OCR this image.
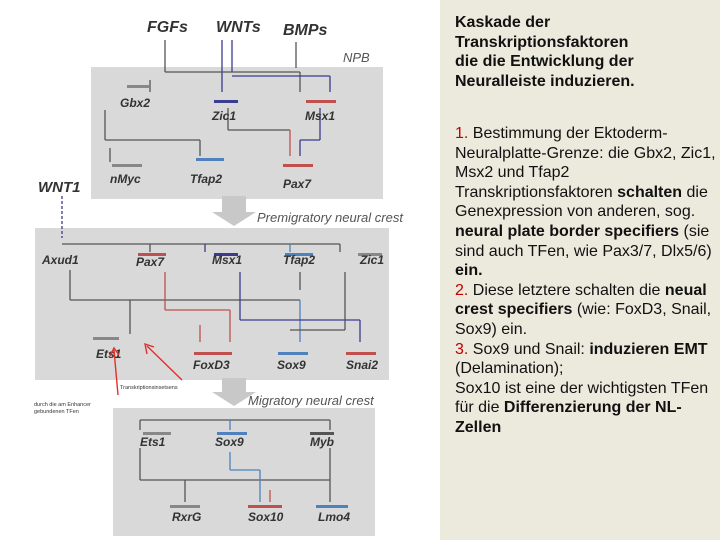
FGFs WNTs BMPs
NPB
WNT1
Premigratory neural crest
Migratory neural crest
Gbx2
Zic1	Msx1
nMyc	Tfap2	Pax7
Axud1	Pax7	Msx1	Tfap2	Zic1
Ets1
FoxD3	Sox9	Snai2
Transkriptionsinsetsens
durch die am Enhancer
gebundenen TFen
Ets1	Sox9	Myb
RxrG	Sox10	Lmo4
Kaskade der
Transkriptionsfaktoren
die die Entwicklung der
Neuralleiste induzieren.
1. Bestimmung der Ektoderm-Neuralplatte-Grenze: die Gbx2, Zic1, Msx2 und Tfap2 Transkriptionsfaktoren schalten die Genexpression von anderen, sog. neural plate border specifiers (sie sind auch TFen, wie Pax3/7, Dlx5/6) ein.
2. Diese letztere schalten die neual crest specifiers (wie: FoxD3, Snail, Sox9) ein.
3. Sox9 und Snail: induzieren EMT (Delamination);
Sox10 ist eine der wichtigsten TFen für die Differenzierung der NL-Zellen
